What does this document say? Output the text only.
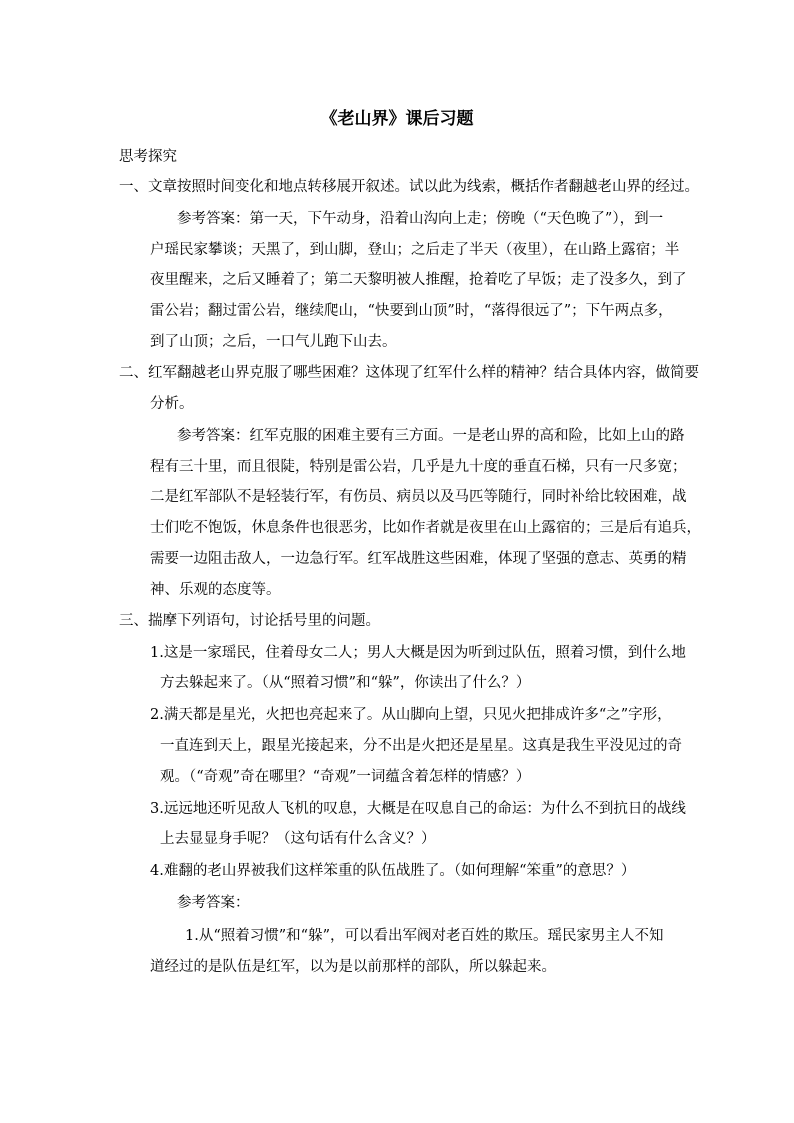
《老山界》课后习题
思考探究
一、文章按照时间变化和地点转移展开叙述。试以此为线索，概括作者翻越老山界的经过。
参考答案：第一天，下午动身，沿着山沟向上走；傍晚（“天色晚了”），到一
户瑶民家攀谈；天黑了，到山脚，登山；之后走了半天（夜里），在山路上露宿；半
夜里醒来，之后又睡着了；第二天黎明被人推醒，抢着吃了早饭；走了没多久，到了
雷公岩；翻过雷公岩，继续爬山，“快要到山顶”时，“落得很远了”；下午两点多，
到了山顶；之后，一口气儿跑下山去。
二、红军翻越老山界克服了哪些困难？这体现了红军什么样的精神？结合具体内容，做简要
分析。
参考答案：红军克服的困难主要有三方面。一是老山界的高和险，比如上山的路
程有三十里，而且很陡，特别是雷公岩，几乎是九十度的垂直石梯，只有一尺多宽；
二是红军部队不是轻装行军，有伤员、病员以及马匹等随行，同时补给比较困难，战
士们吃不饱饭，休息条件也很恶劣，比如作者就是夜里在山上露宿的；三是后有追兵，
需要一边阻击敌人，一边急行军。红军战胜这些困难，体现了坚强的意志、英勇的精
神、乐观的态度等。
三、揣摩下列语句，讨论括号里的问题。
1.这是一家瑶民，住着母女二人；男人大概是因为听到过队伍，照着习惯，到什么地
方去躲起来了。（从“照着习惯”和“躲”，你读出了什么？）
2.满天都是星光，火把也亮起来了。从山脚向上望，只见火把排成许多“之”字形，
一直连到天上，跟星光接起来，分不出是火把还是星星。这真是我生平没见过的奇
观。（“奇观”奇在哪里？“奇观”一词蕴含着怎样的情感？）
3.远远地还听见敌人飞机的叹息，大概是在叹息自己的命运：为什么不到抗日的战线
上去显显身手呢？（这句话有什么含义？）
4.难翻的老山界被我们这样笨重的队伍战胜了。（如何理解“笨重”的意思？）
参考答案：
1.从“照着习惯”和“躲”，可以看出军阀对老百姓的欺压。瑶民家男主人不知
道经过的是队伍是红军，以为是以前那样的部队，所以躲起来。
